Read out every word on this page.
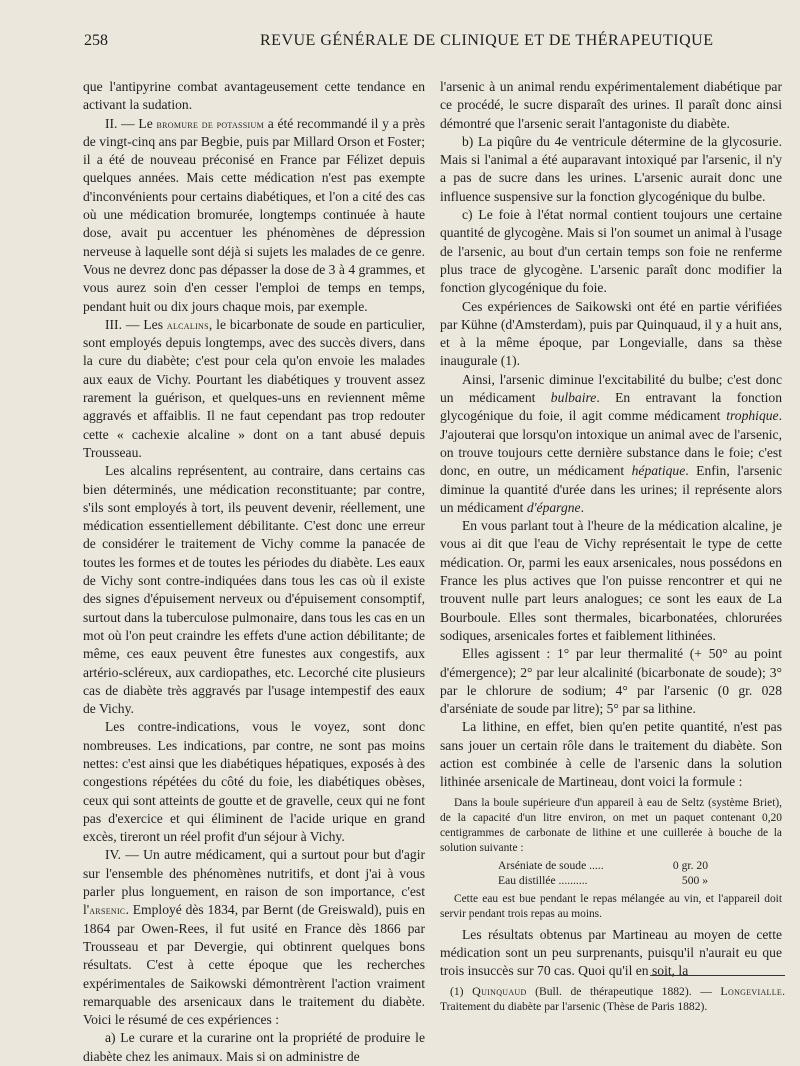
258	REVUE GÉNÉRALE DE CLINIQUE ET DE THÉRAPEUTIQUE

que l'antipyrine combat avantageusement cette tendance en activant la sudation.

II. — Le bromure de potassium a été recommandé il y a près de vingt-cinq ans par Begbie, puis par Millard Orson et Foster; il a été de nouveau préconisé en France par Félizet depuis quelques années. Mais cette médication n'est pas exempte d'inconvénients pour certains diabétiques, et l'on a cité des cas où une médication bromurée, longtemps continuée à haute dose, avait pu accentuer les phénomènes de dépression nerveuse à laquelle sont déjà si sujets les malades de ce genre. Vous ne devrez donc pas dépasser la dose de 3 à 4 grammes, et vous aurez soin d'en cesser l'emploi de temps en temps, pendant huit ou dix jours chaque mois, par exemple.

III. — Les alcalins, le bicarbonate de soude en particulier, sont employés depuis longtemps, avec des succès divers, dans la cure du diabète; c'est pour cela qu'on envoie les malades aux eaux de Vichy. Pourtant les diabétiques y trouvent assez rarement la guérison, et quelques-uns en reviennent même aggravés et affaiblis. Il ne faut cependant pas trop redouter cette « cachexie alcaline » dont on a tant abusé depuis Trousseau.

Les alcalins représentent, au contraire, dans certains cas bien déterminés, une médication reconstituante; par contre, s'ils sont employés à tort, ils peuvent devenir, réellement, une médication essentiellement débilitante. C'est donc une erreur de considérer le traitement de Vichy comme la panacée de toutes les formes et de toutes les périodes du diabète. Les eaux de Vichy sont contre-indiquées dans tous les cas où il existe des signes d'épuisement nerveux ou d'épuisement consomptif, surtout dans la tuberculose pulmonaire, dans tous les cas en un mot où l'on peut craindre les effets d'une action débilitante; de même, ces eaux peuvent être funestes aux congestifs, aux artério-scléreux, aux cardiopathes, etc. Lecorché cite plusieurs cas de diabète très aggravés par l'usage intempestif des eaux de Vichy.

Les contre-indications, vous le voyez, sont donc nombreuses. Les indications, par contre, ne sont pas moins nettes: c'est ainsi que les diabétiques hépatiques, exposés à des congestions répétées du côté du foie, les diabétiques obèses, ceux qui sont atteints de goutte et de gravelle, ceux qui ne font pas d'exercice et qui éliminent de l'acide urique en grand excès, tireront un réel profit d'un séjour à Vichy.

IV. — Un autre médicament, qui a surtout pour but d'agir sur l'ensemble des phénomènes nutritifs, et dont j'ai à vous parler plus longuement, en raison de son importance, c'est l'arsenic. Employé dès 1834, par Bernt (de Greiswald), puis en 1864 par Owen-Rees, il fut usité en France dès 1866 par Trousseau et par Devergie, qui obtinrent quelques bons résultats. C'est à cette époque que les recherches expérimentales de Saikowski démontrèrent l'action vraiment remarquable des arsenicaux dans le traitement du diabète. Voici le résumé de ces expériences :

a) Le curare et la curarine ont la propriété de produire le diabète chez les animaux. Mais si on administre de

l'arsenic à un animal rendu expérimentalement diabétique par ce procédé, le sucre disparaît des urines. Il paraît donc ainsi démontré que l'arsenic serait l'antagoniste du diabète.

b) La piqûre du 4e ventricule détermine de la glycosurie. Mais si l'animal a été auparavant intoxiqué par l'arsenic, il n'y a pas de sucre dans les urines. L'arsenic aurait donc une influence suspensive sur la fonction glycogénique du bulbe.

c) Le foie à l'état normal contient toujours une certaine quantité de glycogène. Mais si l'on soumet un animal à l'usage de l'arsenic, au bout d'un certain temps son foie ne renferme plus trace de glycogène. L'arsenic paraît donc modifier la fonction glycogénique du foie.

Ces expériences de Saikowski ont été en partie vérifiées par Kühne (d'Amsterdam), puis par Quinquaud, il y a huit ans, et à la même époque, par Longevialle, dans sa thèse inaugurale (1).

Ainsi, l'arsenic diminue l'excitabilité du bulbe; c'est donc un médicament bulbaire. En entravant la fonction glycogénique du foie, il agit comme médicament trophique. J'ajouterai que lorsqu'on intoxique un animal avec de l'arsenic, on trouve toujours cette dernière substance dans le foie; c'est donc, en outre, un médicament hépatique. Enfin, l'arsenic diminue la quantité d'urée dans les urines; il représente alors un médicament d'épargne.

En vous parlant tout à l'heure de la médication alcaline, je vous ai dit que l'eau de Vichy représentait le type de cette médication. Or, parmi les eaux arsenicales, nous possédons en France les plus actives que l'on puisse rencontrer et qui ne trouvent nulle part leurs analogues; ce sont les eaux de La Bourboule. Elles sont thermales, bicarbonatées, chlorurées sodiques, arsenicales fortes et faiblement lithinées.

Elles agissent : 1° par leur thermalité (+ 50° au point d'émergence); 2° par leur alcalinité (bicarbonate de soude); 3° par le chlorure de sodium; 4° par l'arsenic (0 gr. 028 d'arséniate de soude par litre); 5° par sa lithine.

La lithine, en effet, bien qu'en petite quantité, n'est pas sans jouer un certain rôle dans le traitement du diabète. Son action est combinée à celle de l'arsenic dans la solution lithinée arsenicale de Martineau, dont voici la formule :

Dans la boule supérieure d'un appareil à eau de Seltz (système Briet), de la capacité d'un litre environ, on met un paquet contenant 0,20 centigrammes de carbonate de lithine et une cuillerée à bouche de la solution suivante :

Arséniate de soude .....	0 gr. 20
Eau distillée ..........	500 »

Cette eau est bue pendant le repas mélangée au vin, et l'appareil doit servir pendant trois repas au moins.

Les résultats obtenus par Martineau au moyen de cette médication sont un peu surprenants, puisqu'il n'aurait eu que trois insuccès sur 70 cas. Quoi qu'il en soit, la

(1) Quinquaud (Bull. de thérapeutique 1882). — Longevialle. Traitement du diabète par l'arsenic (Thèse de Paris 1882).
